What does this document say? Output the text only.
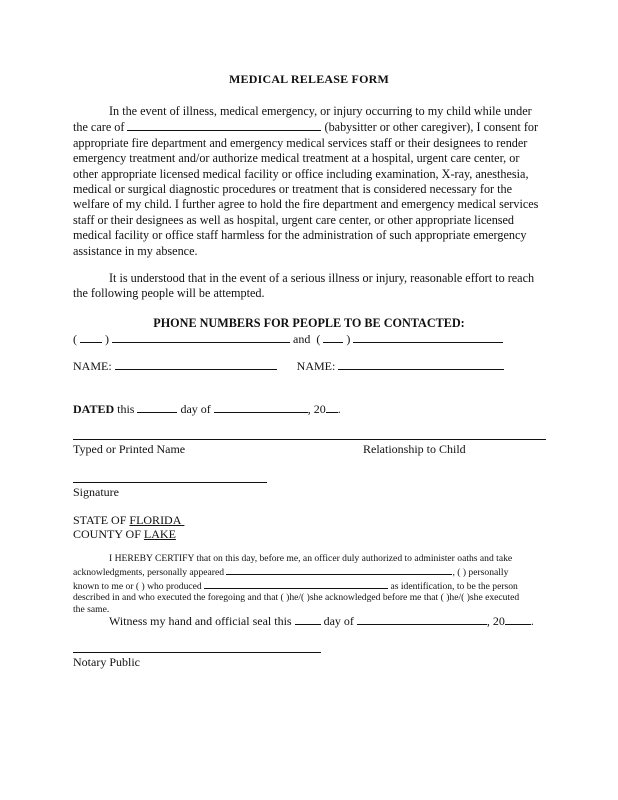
MEDICAL RELEASE FORM

In the event of illness, medical emergency, or injury occurring to my child while under the care of	(babysitter or other caregiver), I consent for appropriate fire department and emergency medical services staff or their designees to render emergency treatment and/or authorize medical treatment at a hospital, urgent care center, or other appropriate licensed medical facility or office including examination, X-ray, anesthesia, medical or surgical diagnostic procedures or treatment that is considered necessary for the welfare of my child. I further agree to hold the fire department and emergency medical services staff or their designees as well as hospital, urgent care center, or other appropriate licensed medical facility or office staff harmless for the administration of such appropriate emergency assistance in my absence.

It is understood that in the event of a serious illness or injury, reasonable effort to reach the following people will be attempted.

PHONE NUMBERS FOR PEOPLE TO BE CONTACTED:
( )	and ( )
NAME:	NAME:
DATED this	day of	, 20 .
Typed or Printed Name	Relationship to Child
Signature
STATE OF FLORIDA
COUNTY OF LAKE
I HEREBY CERTIFY that on this day, before me, an officer duly authorized to administer oaths and take
acknowledgments, personally appeared	, ( ) personally
known to me or ( ) who produced	as identification, to be the person
described in and who executed the foregoing and that ( )he/( )she acknowledged before me that ( )he/( )she executed
the same.
Witness my hand and official seal this	day of	, 20 .
Notary Public
